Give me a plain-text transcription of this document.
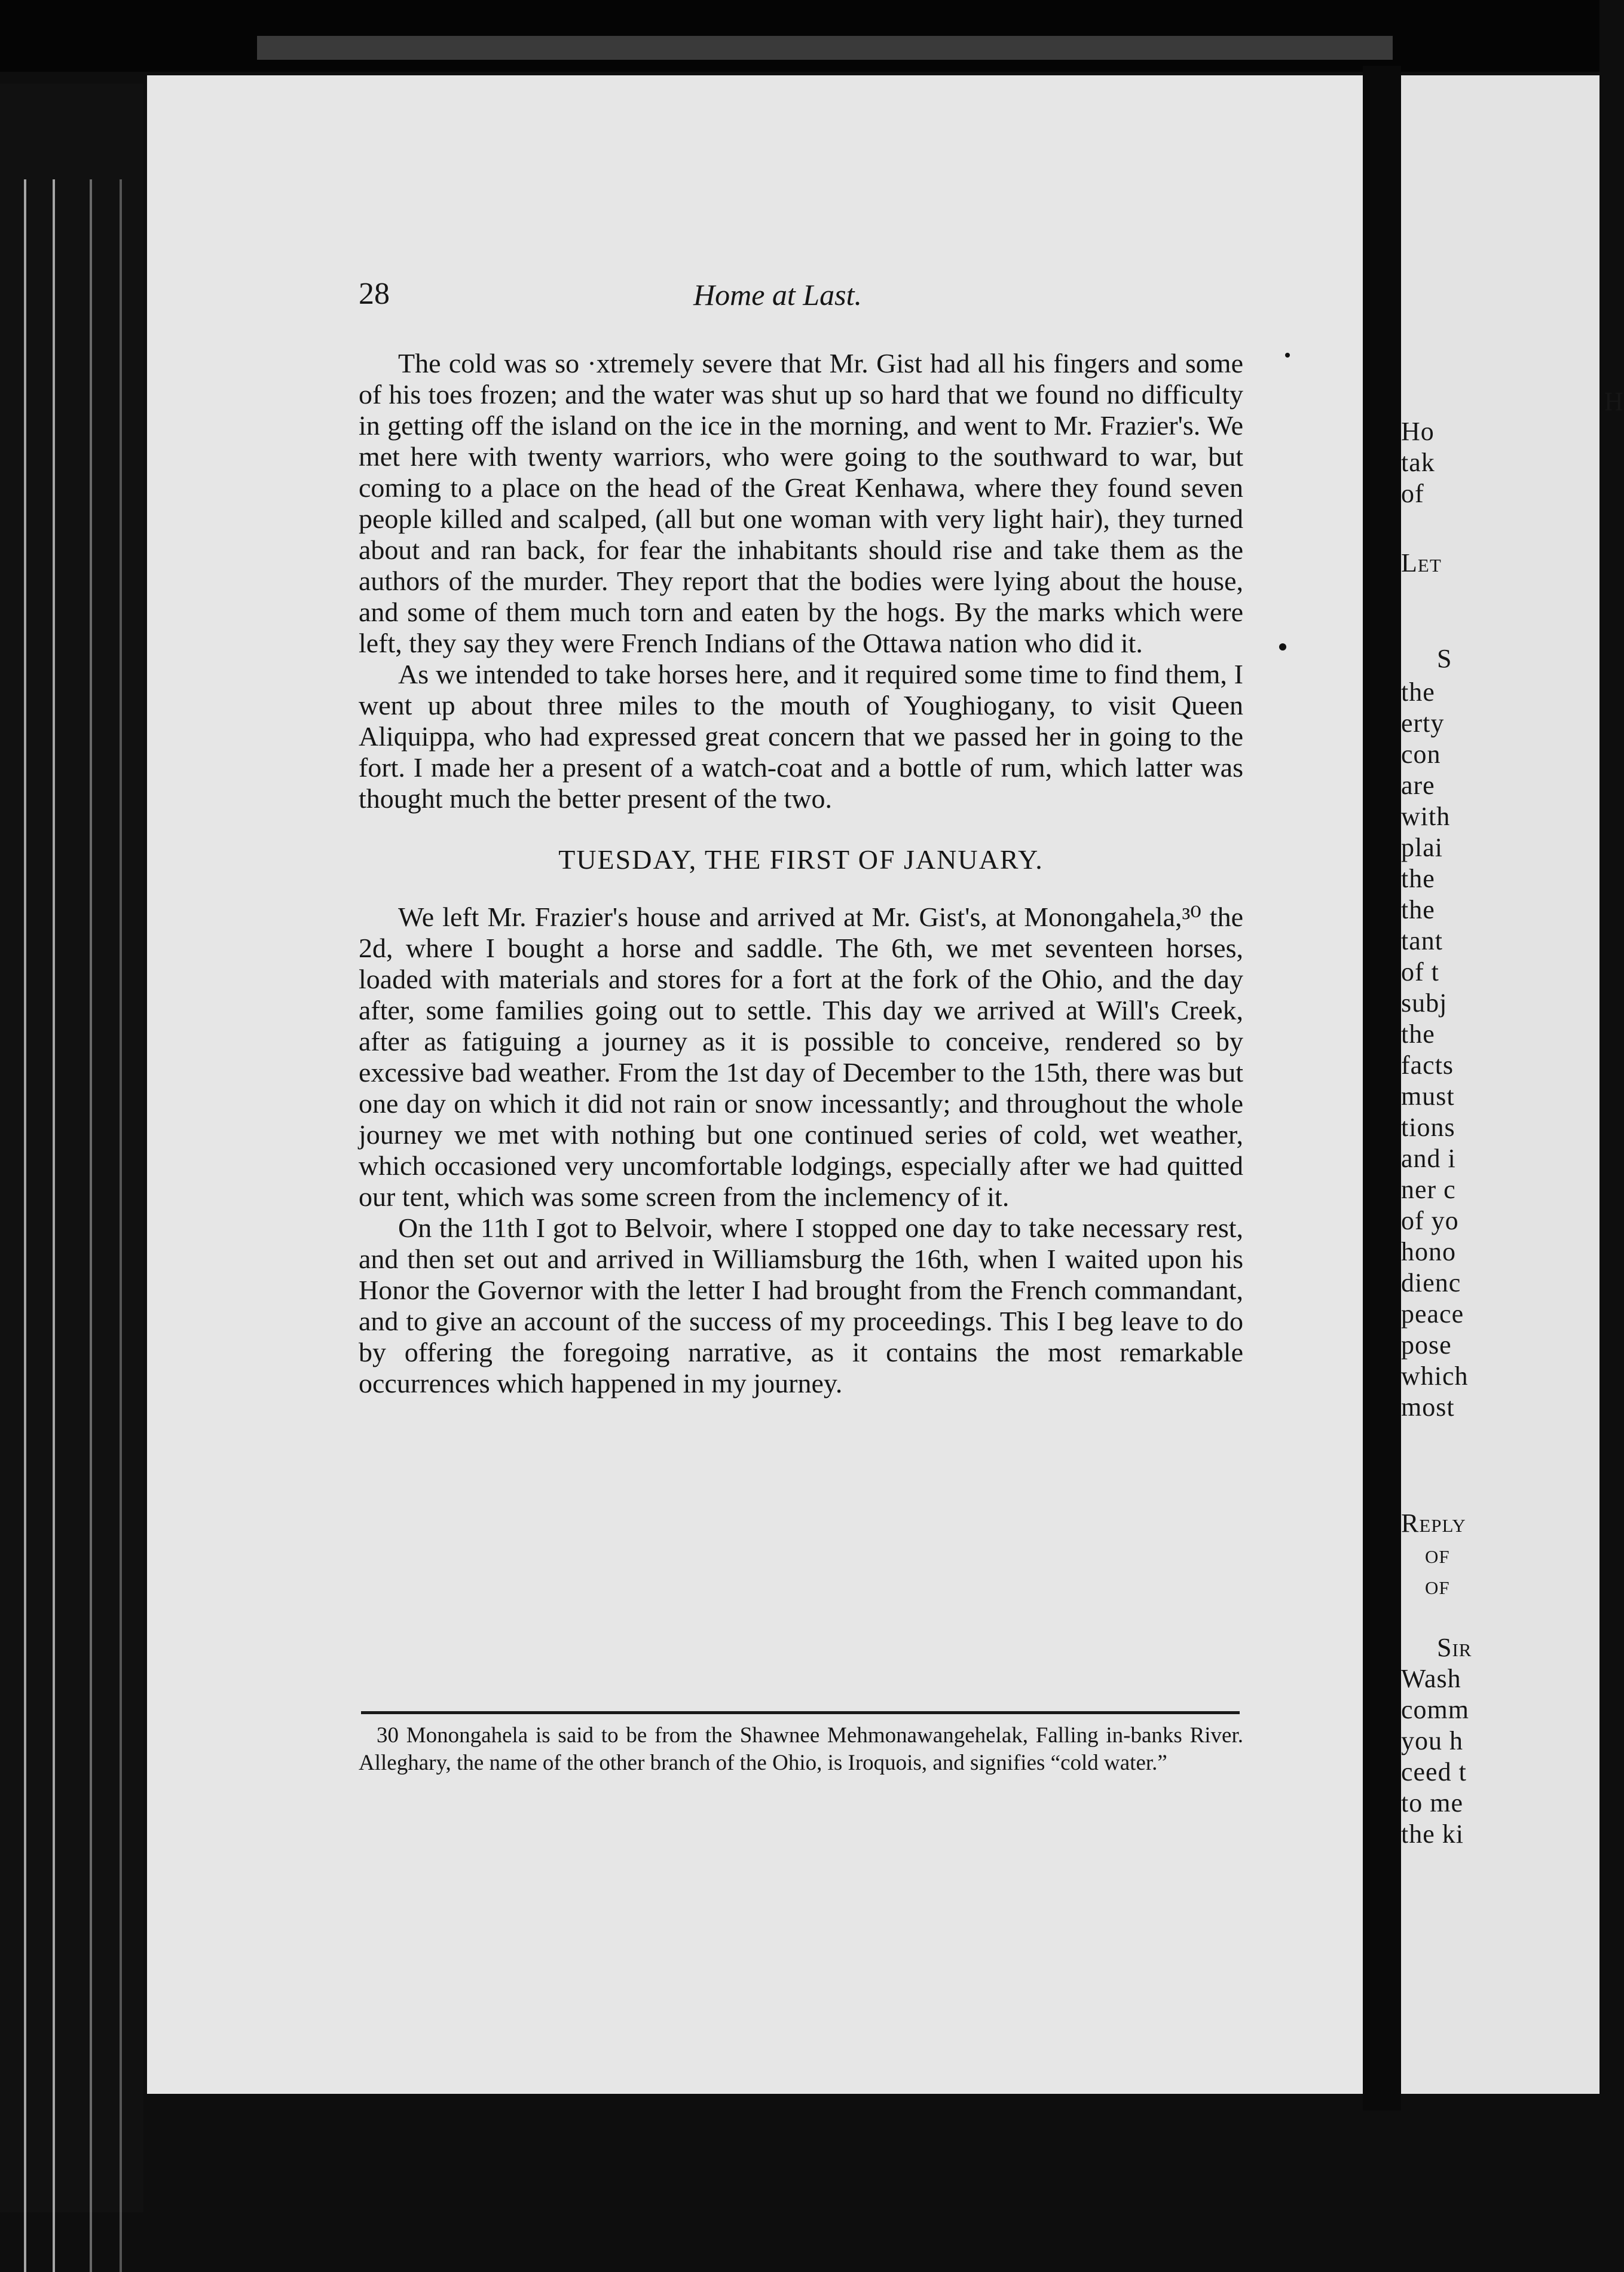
28	Home at Last.

The cold was so ·xtremely severe that Mr. Gist had all his fingers and some of his toes frozen; and the water was shut up so hard that we found no difficulty in getting off the island on the ice in the morning, and went to Mr. Frazier's. We met here with twenty warriors, who were going to the southward to war, but coming to a place on the head of the Great Kenhawa, where they found seven people killed and scalped, (all but one woman with very light hair), they turned about and ran back, for fear the inhabitants should rise and take them as the authors of the murder. They report that the bodies were lying about the house, and some of them much torn and eaten by the hogs. By the marks which were left, they say they were French Indians of the Ottawa nation who did it.

As we intended to take horses here, and it required some time to find them, I went up about three miles to the mouth of Youghiogany, to visit Queen Aliquippa, who had expressed great concern that we passed her in going to the fort. I made her a present of a watch-coat and a bottle of rum, which latter was thought much the better present of the two.

TUESDAY, THE FIRST OF JANUARY.

We left Mr. Frazier's house and arrived at Mr. Gist's, at Monongahela,³⁰ the 2d, where I bought a horse and saddle. The 6th, we met seventeen horses, loaded with materials and stores for a fort at the fork of the Ohio, and the day after, some families going out to settle. This day we arrived at Will's Creek, after as fatiguing a journey as it is possible to conceive, rendered so by excessive bad weather. From the 1st day of December to the 15th, there was but one day on which it did not rain or snow incessantly; and throughout the whole journey we met with nothing but one continued series of cold, wet weather, which occasioned very uncomfortable lodgings, especially after we had quitted our tent, which was some screen from the inclemency of it.

On the 11th I got to Belvoir, where I stopped one day to take necessary rest, and then set out and arrived in Williamsburg the 16th, when I waited upon his Honor the Governor with the letter I had brought from the French commandant, and to give an account of the success of my proceedings. This I beg leave to do by offering the foregoing narrative, as it contains the most remarkable occurrences which happened in my journey.

30 Monongahela is said to be from the Shawnee Mehmonawangehelak, Falling in-banks River. Alleghary, the name of the other branch of the Ohio, is Iroquois, and signifies “cold water.”

H
Ho
tak
of
Let
S
the
erty
con
are
with
plai
the
the
tant
of t
subj
the
facts
must
tions
and i
ner c
of yo
hono
dienc
peace
pose
which
most
Reply
of
of
Sir
Wash
comm
you h
ceed t
to me
the ki
